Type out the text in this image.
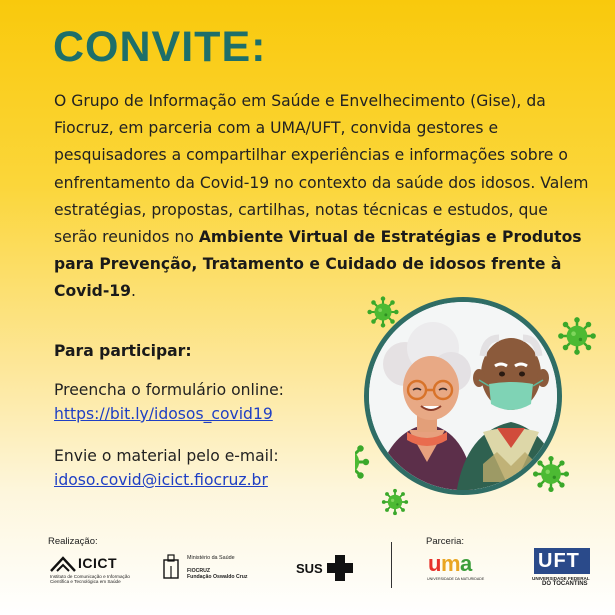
CONVITE:

O Grupo de Informação em Saúde e Envelhecimento (Gise), da Fiocruz, em parceria com a UMA/UFT, convida gestores e pesquisadores a compartilhar experiências e informações sobre o enfrentamento da Covid-19 no contexto da saúde dos idosos. Valem estratégias, propostas, cartilhas, notas técnicas e estudos, que serão reunidos no Ambiente Virtual de Estratégias e Produtos para Prevenção, Tratamento e Cuidado de idosos frente à Covid-19.

Para participar:
Preencha o formulário online:
https://bit.ly/idosos_covid19
Envie o material pelo e-mail:
idoso.covid@icict.fiocruz.br
Realização:	Parceria:
ICICT
Instituto de Comunicação e Informação
Científica e Tecnológica em Saúde
Ministério da Saúde
FIOCRUZ
Fundação Oswaldo Cruz
SUS	uma
UNIVERSIDADE DA MATURIDADE
UFT
UNIVERSIDADE FEDERAL
DO TOCANTINS
